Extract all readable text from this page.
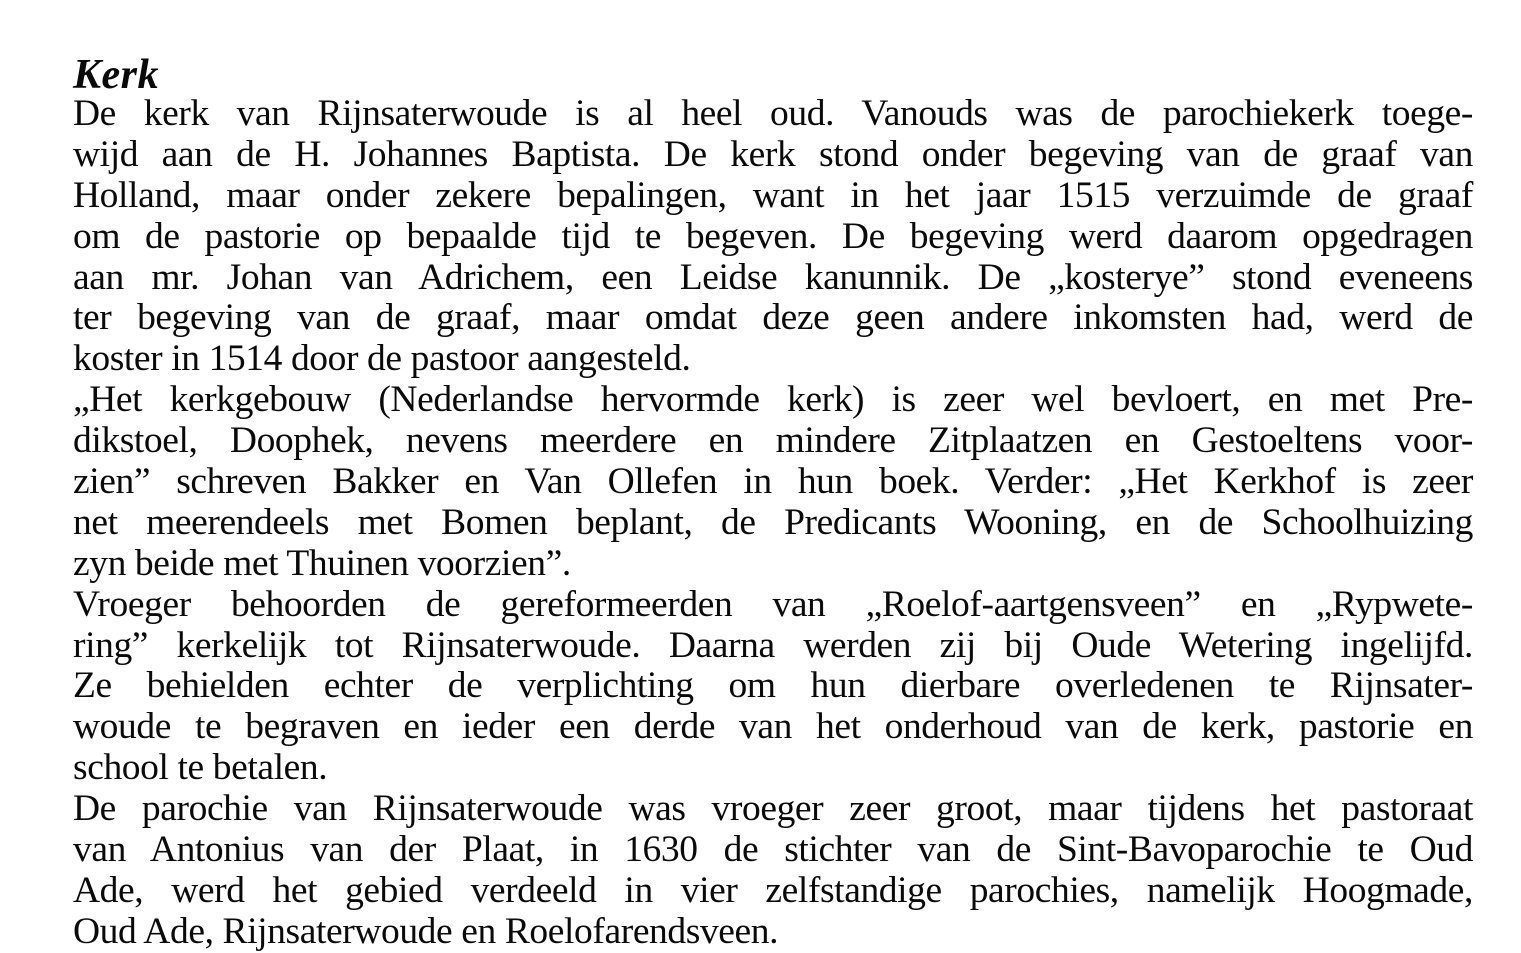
Kerk
De kerk van Rijnsaterwoude is al heel oud. Vanouds was de parochiekerk toege-
wijd aan de H. Johannes Baptista. De kerk stond onder begeving van de graaf van
Holland, maar onder zekere bepalingen, want in het jaar 1515 verzuimde de graaf
om de pastorie op bepaalde tijd te begeven. De begeving werd daarom opgedragen
aan mr. Johan van Adrichem, een Leidse kanunnik. De „kosterye” stond eveneens
ter begeving van de graaf, maar omdat deze geen andere inkomsten had, werd de
koster in 1514 door de pastoor aangesteld.
„Het kerkgebouw (Nederlandse hervormde kerk) is zeer wel bevloert, en met Pre-
dikstoel, Doophek, nevens meerdere en mindere Zitplaatzen en Gestoeltens voor-
zien” schreven Bakker en Van Ollefen in hun boek. Verder: „Het Kerkhof is zeer
net meerendeels met Bomen beplant, de Predicants Wooning, en de Schoolhuizing
zyn beide met Thuinen voorzien”.
Vroeger behoorden de gereformeerden van „Roelof-aartgensveen” en „Rypwete-
ring” kerkelijk tot Rijnsaterwoude. Daarna werden zij bij Oude Wetering ingelijfd.
Ze behielden echter de verplichting om hun dierbare overledenen te Rijnsater-
woude te begraven en ieder een derde van het onderhoud van de kerk, pastorie en
school te betalen.
De parochie van Rijnsaterwoude was vroeger zeer groot, maar tijdens het pastoraat
van Antonius van der Plaat, in 1630 de stichter van de Sint-Bavoparochie te Oud
Ade, werd het gebied verdeeld in vier zelfstandige parochies, namelijk Hoogmade,
Oud Ade, Rijnsaterwoude en Roelofarendsveen.
